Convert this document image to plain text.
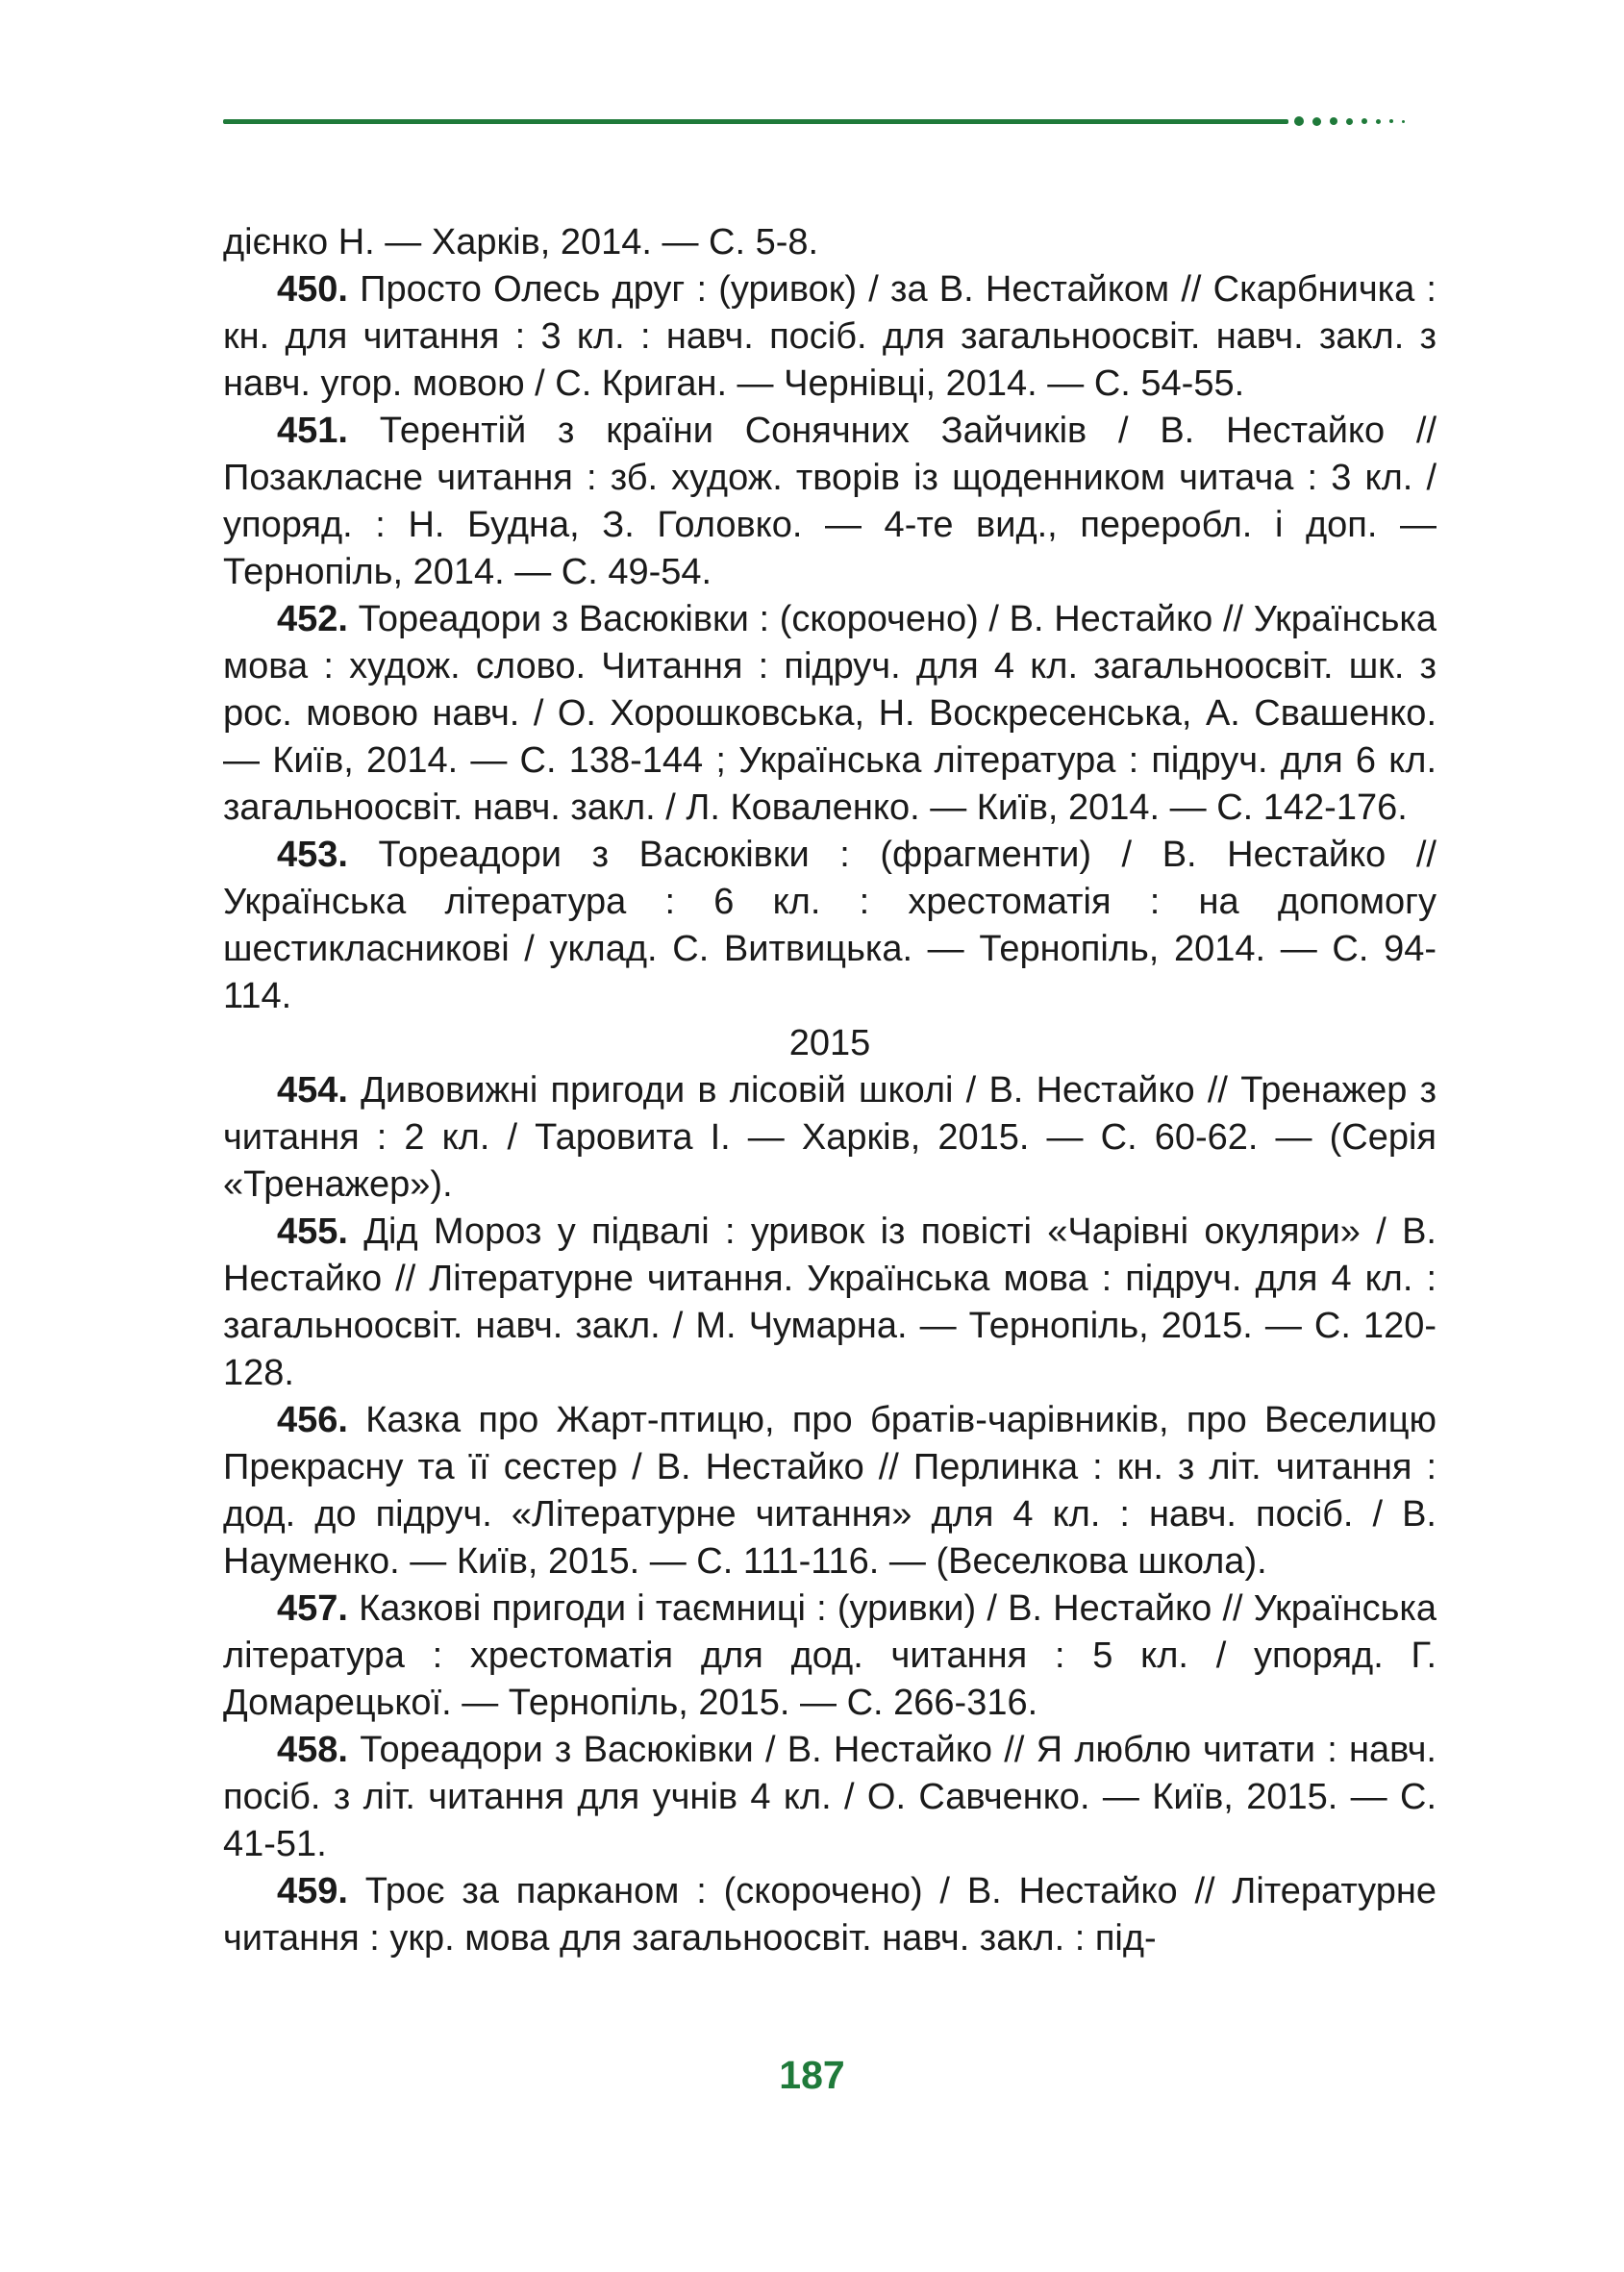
дієнко Н. — Харків, 2014. — С. 5-8.

450. Просто Олесь друг : (уривок) / за В. Нестайком // Скарбничка : кн. для читання : 3 кл. : навч. посіб. для загальноосвіт. навч. закл. з навч. угор. мовою / С. Криган. — Чернівці, 2014. — С. 54-55.

451. Терентій з країни Сонячних Зайчиків / В. Нестайко // Позакласне читання : зб. худож. творів із щоденником читача : 3 кл. / упоряд. : Н. Будна, З. Головко. — 4-те вид., переробл. і доп. — Тернопіль, 2014. — С. 49-54.

452. Тореадори з Васюківки : (скорочено) / В. Нестайко // Українська мова : худож. слово. Читання : підруч. для 4 кл. загальноосвіт. шк. з рос. мовою навч. / О. Хорошковська, Н. Воскресенська, А. Свашенко. — Київ, 2014. — С. 138-144 ; Українська література : підруч. для 6 кл. загальноосвіт. навч. закл. / Л. Коваленко. — Київ, 2014. — С. 142-176.

453. Тореадори з Васюківки : (фрагменти) / В. Нестайко // Українська література : 6 кл. : хрестоматія : на допомогу шестикласникові / уклад. С. Витвицька. — Тернопіль, 2014. — С. 94-114.

2015

454. Дивовижні пригоди в лісовій школі / В. Нестайко // Тренажер з читання : 2 кл. / Таровита І. — Харків, 2015. — С. 60-62. — (Серія «Тренажер»).

455. Дід Мороз у підвалі : уривок із повісті «Чарівні окуляри» / В. Нестайко // Літературне читання. Українська мова : підруч. для 4 кл. : загальноосвіт. навч. закл. / М. Чумарна. — Тернопіль, 2015. — С. 120-128.

456. Казка про Жарт-птицю, про братів-чарівників, про Веселицю Прекрасну та її сестер / В. Нестайко // Перлинка : кн. з літ. читання : дод. до підруч. «Літературне читання» для 4 кл. : навч. посіб. / В. Науменко. — Київ, 2015. — С. 111-116. — (Веселкова школа).

457. Казкові пригоди і таємниці : (уривки) / В. Нестайко // Українська література : хрестоматія для дод. читання : 5 кл. / упоряд. Г. Домарецької. — Тернопіль, 2015. — С. 266-316.

458. Тореадори з Васюківки / В. Нестайко // Я люблю читати : навч. посіб. з літ. читання для учнів 4 кл. / О. Савченко. — Київ, 2015. — С. 41-51.

459. Троє за парканом : (скорочено) / В. Нестайко // Літературне читання : укр. мова для загальноосвіт. навч. закл. : під-

187
